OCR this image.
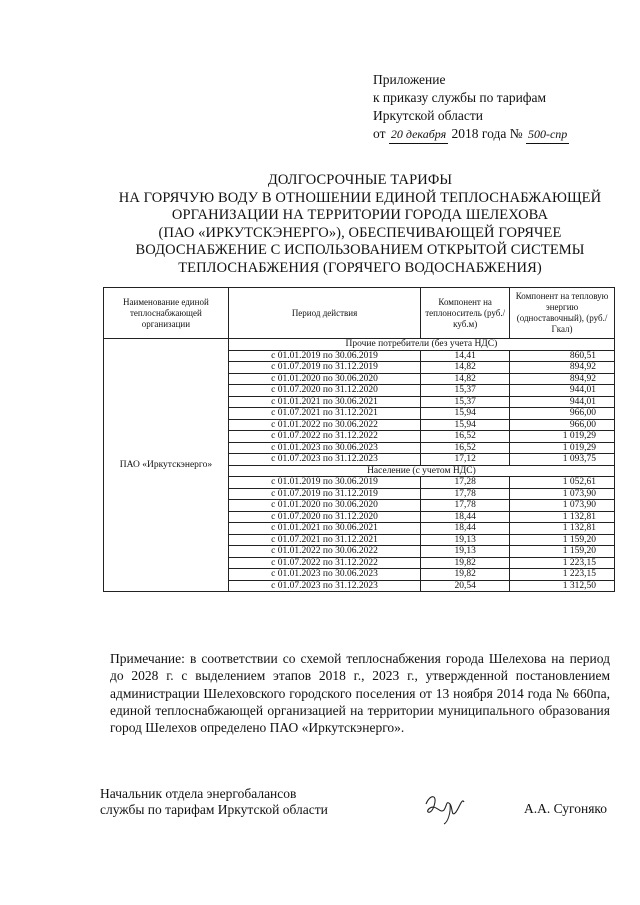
Приложение
к приказу службы по тарифам
Иркутской области
от 20 декабря 2018 года № 500-спр
ДОЛГОСРОЧНЫЕ ТАРИФЫ
НА ГОРЯЧУЮ ВОДУ В ОТНОШЕНИИ ЕДИНОЙ ТЕПЛОСНАБЖАЮЩЕЙ
ОРГАНИЗАЦИИ НА ТЕРРИТОРИИ ГОРОДА ШЕЛЕХОВА
(ПАО «ИРКУТСКЭНЕРГО»), ОБЕСПЕЧИВАЮЩЕЙ ГОРЯЧЕЕ
ВОДОСНАБЖЕНИЕ С ИСПОЛЬЗОВАНИЕМ ОТКРЫТОЙ СИСТЕМЫ
ТЕПЛОСНАБЖЕНИЯ (ГОРЯЧЕГО ВОДОСНАБЖЕНИЯ)
Наименование единой теплоснабжающей организации	Период действия	Компонент на теплоноситель (руб./куб.м)	Компонент на тепловую энергию (одноставочный), (руб./Гкал)
ПАО «Иркутскэнерго»	Прочие потребители (без учета НДС)		
	с 01.01.2019 по 30.06.2019	14,41	860,51
	с 01.07.2019 по 31.12.2019	14,82	894,92
	с 01.01.2020 по 30.06.2020	14,82	894,92
	с 01.07.2020 по 31.12.2020	15,37	944,01
	с 01.01.2021 по 30.06.2021	15,37	944,01
	с 01.07.2021 по 31.12.2021	15,94	966,00
	с 01.01.2022 по 30.06.2022	15,94	966,00
	с 01.07.2022 по 31.12.2022	16,52	1 019,29
	с 01.01.2023 по 30.06.2023	16,52	1 019,29
	с 01.07.2023 по 31.12.2023	17,12	1 093,75
	Население (с учетом НДС)		
	с 01.01.2019 по 30.06.2019	17,28	1 052,61
	с 01.07.2019 по 31.12.2019	17,78	1 073,90
	с 01.01.2020 по 30.06.2020	17,78	1 073,90
	с 01.07.2020 по 31.12.2020	18,44	1 132,81
	с 01.01.2021 по 30.06.2021	18,44	1 132,81
	с 01.07.2021 по 31.12.2021	19,13	1 159,20
	с 01.01.2022 по 30.06.2022	19,13	1 159,20
	с 01.07.2022 по 31.12.2022	19,82	1 223,15
	с 01.01.2023 по 30.06.2023	19,82	1 223,15
	с 01.07.2023 по 31.12.2023	20,54	1 312,50
Примечание: в соответствии со схемой теплоснабжения города Шелехова на период до 2028 г. с выделением этапов 2018 г., 2023 г., утвержденной постановлением администрации Шелеховского городского поселения от 13 ноября 2014 года № 660па, единой теплоснабжающей организацией на территории муниципального образования город Шелехов определено ПАО «Иркутскэнерго».
Начальник отдела энергобалансов
службы по тарифам Иркутской области	А.А. Сугоняко
